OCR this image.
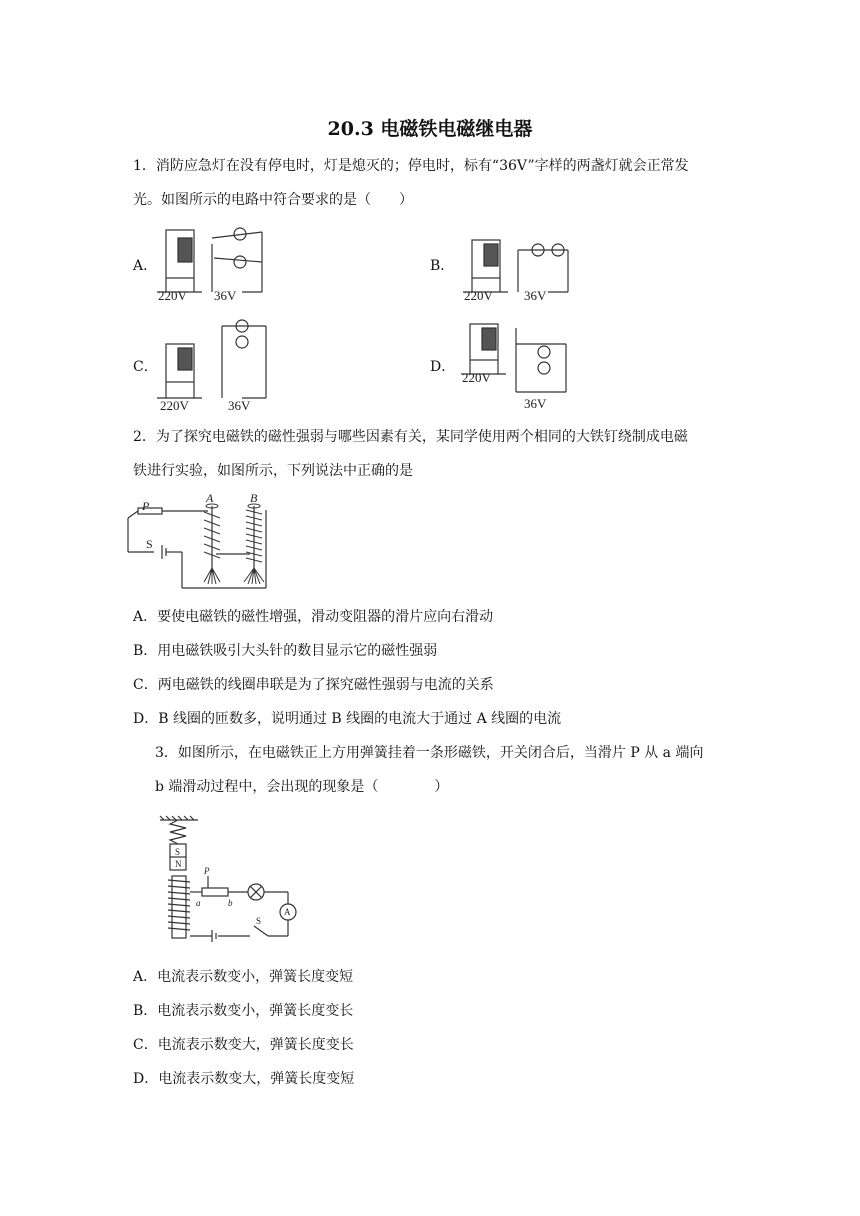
20.3 电磁铁电磁继电器
1．消防应急灯在没有停电时，灯是熄灭的；停电时，标有“36V”字样的两盏灯就会正常发
光。如图所示的电路中符合要求的是（　　）
A．	B．
C．	D．
220V 36V	220V 36V
220V	36V
220V
36V
2．为了探究电磁铁的磁性强弱与哪些因素有关，某同学使用两个相同的大铁钉绕制成电磁
铁进行实验，如图所示，下列说法中正确的是
P
S
A	B
A．要使电磁铁的磁性增强，滑动变阻器的滑片应向右滑动
B．用电磁铁吸引大头针的数目显示它的磁性强弱
C．两电磁铁的线圈串联是为了探究磁性强弱与电流的关系
D．B 线圈的匝数多，说明通过 B 线圈的电流大于通过 A 线圈的电流
3．如图所示，在电磁铁正上方用弹簧挂着一条形磁铁，开关闭合后，当滑片 P 从 a 端向
b 端滑动过程中，会出现的现象是（　　　　）
S
N
P
a	b
S
A
A．电流表示数变小，弹簧长度变短
B．电流表示数变小，弹簧长度变长
C．电流表示数变大，弹簧长度变长
D．电流表示数变大，弹簧长度变短
